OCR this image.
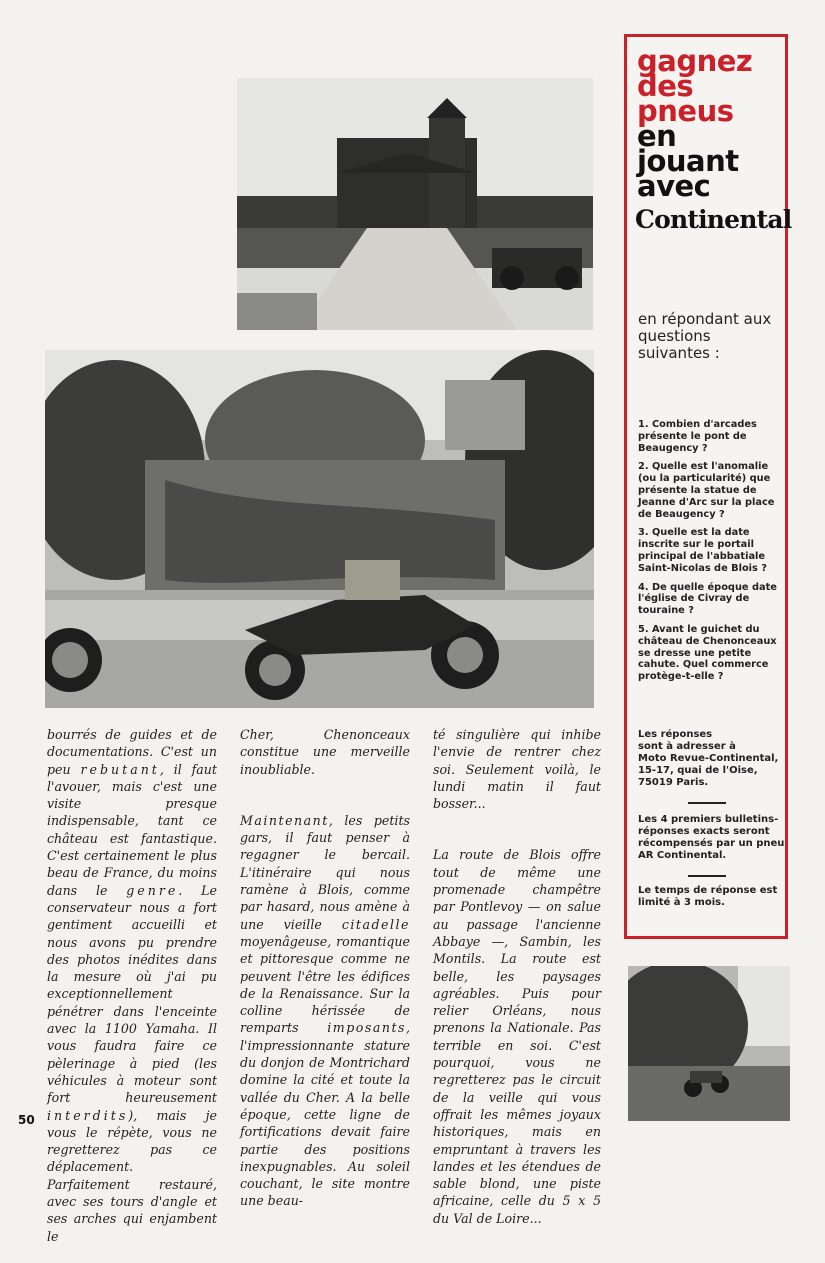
bourrés de guides et de documentations. C'est un peu rebutant, il faut l'avouer, mais c'est une visite presque indispensable, tant ce château est fantastique. C'est certainement le plus beau de France, du moins dans le genre. Le conservateur nous a fort gentiment accueilli et nous avons pu prendre des photos inédites dans la mesure où j'ai pu exceptionnellement pénétrer dans l'enceinte avec la 1100 Yamaha. Il vous faudra faire ce pèlerinage à pied (les véhicules à moteur sont fort heureusement interdits), mais je vous le répète, vous ne regretterez pas ce déplacement. Parfaitement restauré, avec ses tours d'angle et ses arches qui enjambent le

Cher, Chenonceaux constitue une merveille inoubliable.

Maintenant, les petits gars, il faut penser à regagner le bercail. L'itinéraire qui nous ramène à Blois, comme par hasard, nous amène à une vieille citadelle moyenâgeuse, romantique et pittoresque comme ne peuvent l'être les édifices de la Renaissance. Sur la colline hérissée de remparts imposants, l'impressionnante stature du donjon de Montrichard domine la cité et toute la vallée du Cher. A la belle époque, cette ligne de fortifications devait faire partie des positions inexpugnables. Au soleil couchant, le site montre une beau-

té singulière qui inhibe l'envie de rentrer chez soi. Seulement voilà, le lundi matin il faut bosser...

La route de Blois offre tout de même une promenade champêtre par Pontlevoy — on salue au passage l'ancienne Abbaye —, Sambin, les Montils. La route est belle, les paysages agréables. Puis pour relier Orléans, nous prenons la Nationale. Pas terrible en soi. C'est pourquoi, vous ne regretterez pas le circuit de la veille qui vous offrait les mêmes joyaux historiques, mais en empruntant à travers les landes et les étendues de sable blond, une piste africaine, celle du 5 x 5 du Val de Loire...

50
gagnez
des
pneus
en
jouant
avec
Continental
en répondant aux questions suivantes :
1. Combien d'arcades présente le pont de Beaugency ?
2. Quelle est l'anomalie (ou la particularité) que présente la statue de Jeanne d'Arc sur la place de Beaugency ?
3. Quelle est la date inscrite sur le portail principal de l'abbatiale Saint-Nicolas de Blois ?
4. De quelle époque date l'église de Civray de touraine ?
5. Avant le guichet du château de Chenonceaux se dresse une petite cahute. Quel commerce protège-t-elle ?
Les réponses
sont à adresser à
Moto Revue-Continental,
15-17, quai de l'Oise,
75019 Paris.
Les 4 premiers bulletins-réponses exacts seront récompensés par un pneu AR Continental.
Le temps de réponse est limité à 3 mois.
